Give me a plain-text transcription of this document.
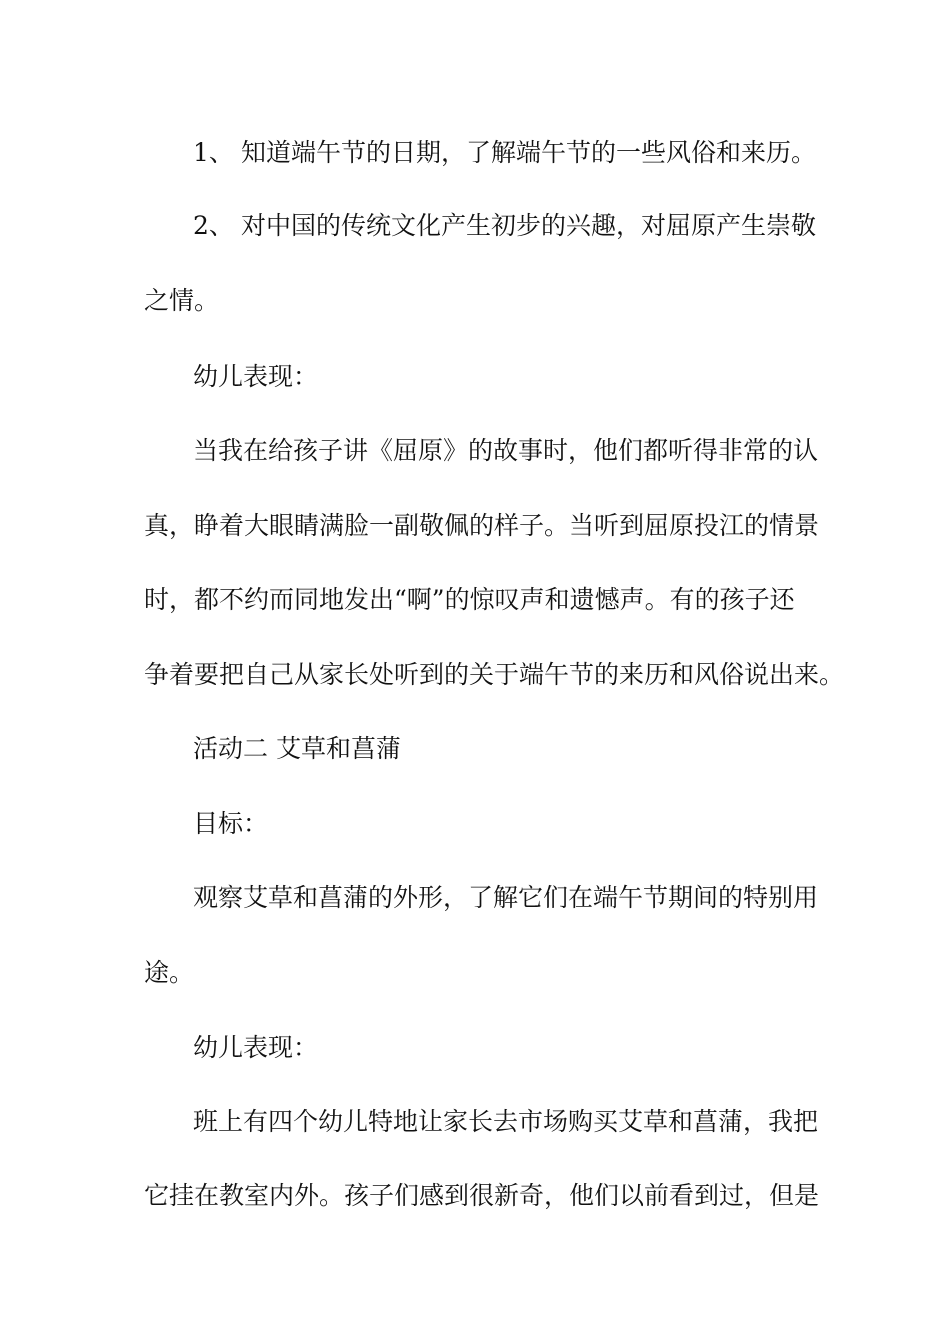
1、 知道端午节的日期，了解端午节的一些风俗和来历。
2、 对中国的传统文化产生初步的兴趣，对屈原产生崇敬
之情。
幼儿表现：
当我在给孩子讲《屈原》的故事时，他们都听得非常的认
真，睁着大眼睛满脸一副敬佩的样子。当听到屈原投江的情景
时，都不约而同地发出“啊”的惊叹声和遗憾声。有的孩子还
争着要把自己从家长处听到的关于端午节的来历和风俗说出来。
活动二 艾草和菖蒲
目标：
观察艾草和菖蒲的外形，了解它们在端午节期间的特别用
途。
幼儿表现：
班上有四个幼儿特地让家长去市场购买艾草和菖蒲，我把
它挂在教室内外。孩子们感到很新奇，他们以前看到过，但是
